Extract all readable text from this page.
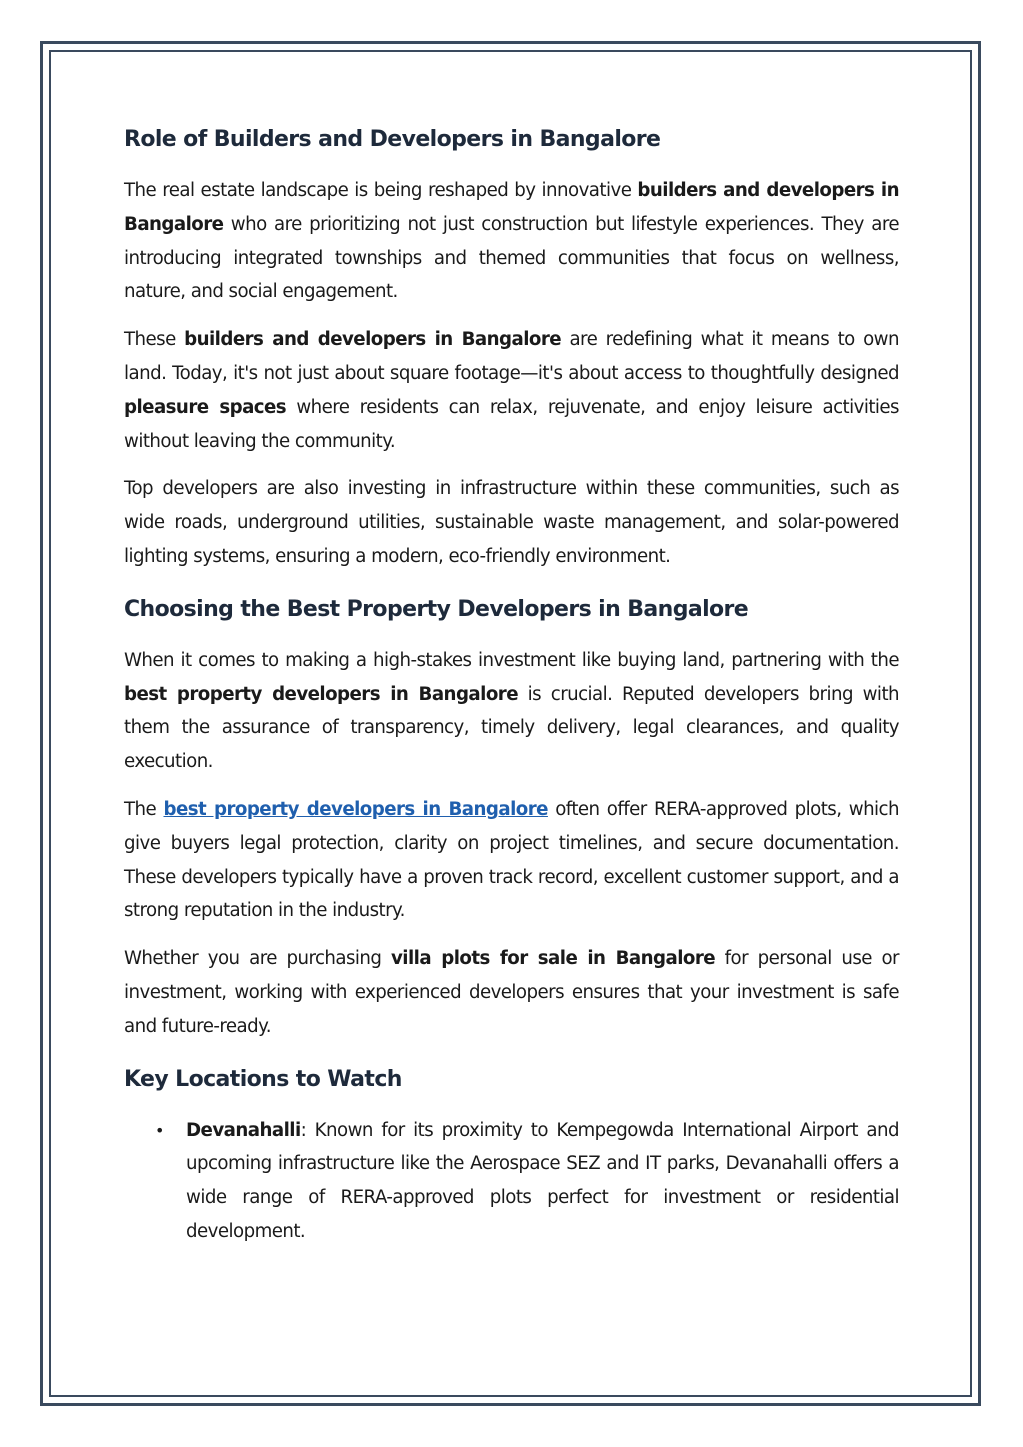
Role of Builders and Developers in Bangalore

The real estate landscape is being reshaped by innovative builders and developers in Bangalore who are prioritizing not just construction but lifestyle experiences. They are introducing integrated townships and themed communities that focus on wellness, nature, and social engagement.

These builders and developers in Bangalore are redefining what it means to own land. Today, it's not just about square footage—it's about access to thoughtfully designed pleasure spaces where residents can relax, rejuvenate, and enjoy leisure activities without leaving the community.

Top developers are also investing in infrastructure within these communities, such as wide roads, underground utilities, sustainable waste management, and solar-powered lighting systems, ensuring a modern, eco-friendly environment.

Choosing the Best Property Developers in Bangalore

When it comes to making a high-stakes investment like buying land, partnering with the best property developers in Bangalore is crucial. Reputed developers bring with them the assurance of transparency, timely delivery, legal clearances, and quality execution.

The best property developers in Bangalore often offer RERA-approved plots, which give buyers legal protection, clarity on project timelines, and secure documentation. These developers typically have a proven track record, excellent customer support, and a strong reputation in the industry.

Whether you are purchasing villa plots for sale in Bangalore for personal use or investment, working with experienced developers ensures that your investment is safe and future-ready.

Key Locations to Watch
• Devanahalli: Known for its proximity to Kempegowda International Airport and upcoming infrastructure like the Aerospace SEZ and IT parks, Devanahalli offers a wide range of RERA-approved plots perfect for investment or residential development.
